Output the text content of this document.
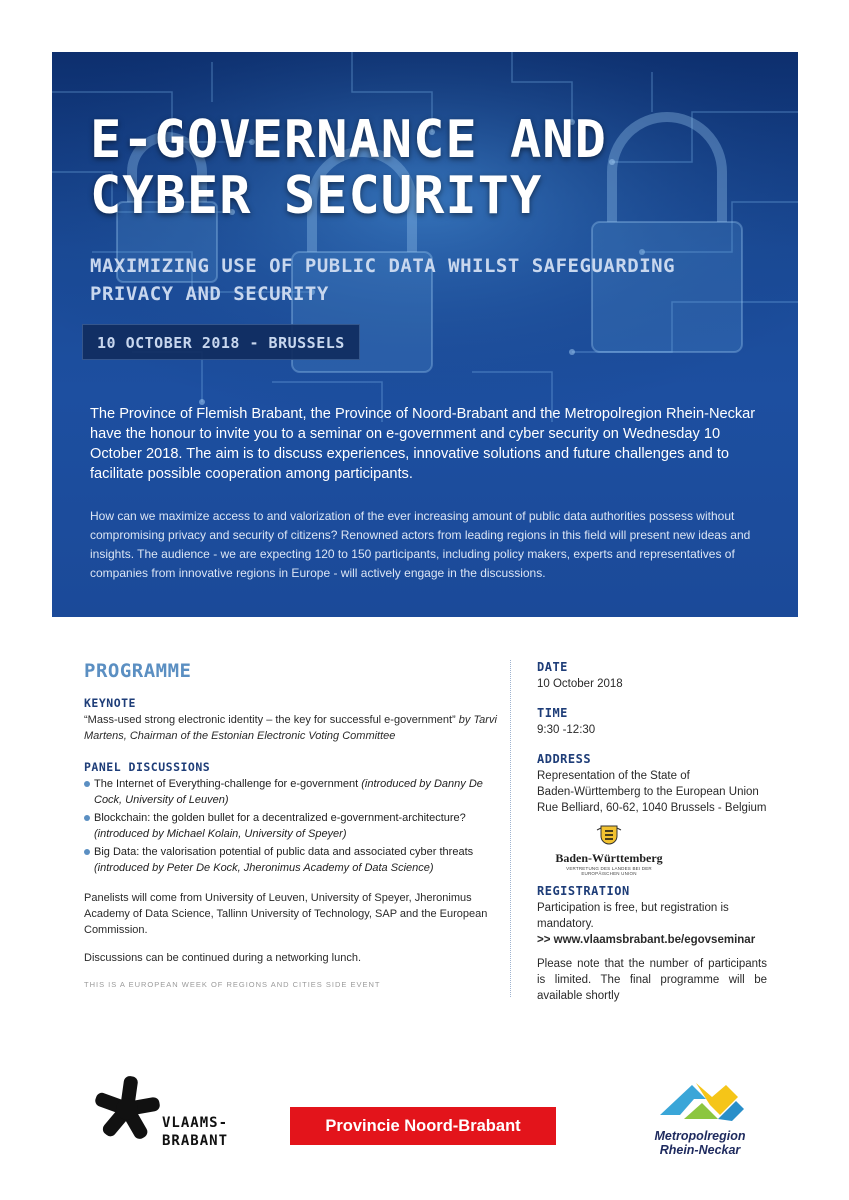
E-GOVERNANCE AND
CYBER SECURITY
MAXIMIZING USE OF PUBLIC DATA WHILST SAFEGUARDING PRIVACY AND SECURITY
10 OCTOBER 2018 - BRUSSELS

The Province of Flemish Brabant, the Province of Noord-Brabant and the Metropolregion Rhein-Neckar have the honour to invite you to a seminar on e-government and cyber security on Wednesday 10 October 2018. The aim is to discuss experiences, innovative solutions and future challenges and to facilitate possible cooperation among participants.

How can we maximize access to and valorization of the ever increasing amount of public data authorities possess without compromising privacy and security of citizens? Renowned actors from leading regions in this field will present new ideas and insights. The audience - we are expecting 120 to 150 participants, including policy makers, experts and representatives of companies from innovative regions in Europe - will actively engage in the discussions.

PROGRAMME
KEYNOTE

“Mass-used strong electronic identity – the key for successful e-government” by Tarvi Martens, Chairman of the Estonian Electronic Voting Committee

PANEL DISCUSSIONS
The Internet of Everything-challenge for e-government (introduced by Danny De Cock, University of Leuven)
Blockchain: the golden bullet for a decentralized e-government-architecture? (introduced by Michael Kolain, University of Speyer)
Big Data: the valorisation potential of public data and associated cyber threats (introduced by Peter De Kock, Jheronimus Academy of Data Science)

Panelists will come from University of Leuven, University of Speyer, Jheronimus Academy of Data Science, Tallinn University of Technology, SAP and the European Commission.

Discussions can be continued during a networking lunch.

THIS IS A EUROPEAN WEEK OF REGIONS AND CITIES SIDE EVENT
DATE
10 October 2018
TIME
9:30 -12:30
ADDRESS
Representation of the State of
Baden-Württemberg to the European Union
Rue Belliard, 60-62, 1040 Brussels - Belgium
Baden-Württemberg
VERTRETUNG DES LANDES BEI DER EUROPÄISCHEN UNION
REGISTRATION
Participation is free, but registration is mandatory.
>> www.vlaamsbrabant.be/egovseminar
Please note that the number of participants is limited. The final programme will be available shortly
VLAAMS-
BRABANT
Provincie Noord-Brabant
Metropolregion
Rhein-Neckar
